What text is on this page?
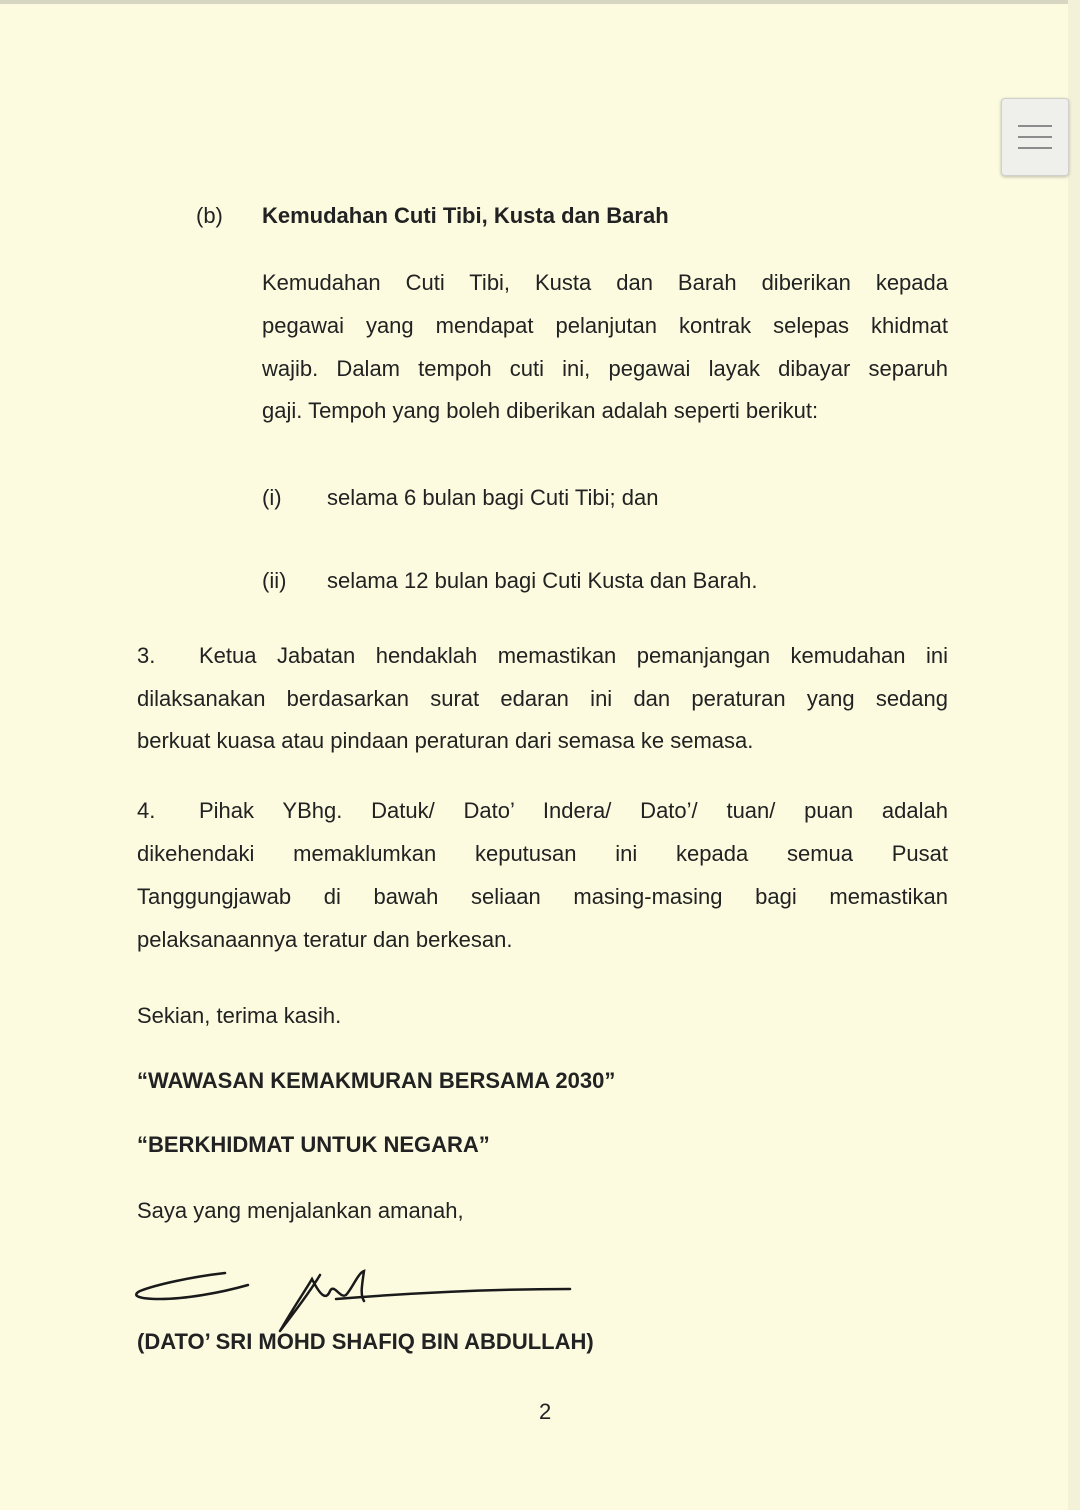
(b) Kemudahan Cuti Tibi, Kusta dan Barah
Kemudahan Cuti Tibi, Kusta dan Barah diberikan kepada
pegawai yang mendapat pelanjutan kontrak selepas khidmat
wajib. Dalam tempoh cuti ini, pegawai layak dibayar separuh
gaji. Tempoh yang boleh diberikan adalah seperti berikut:
(i) selama 6 bulan bagi Cuti Tibi; dan
(ii) selama 12 bulan bagi Cuti Kusta dan Barah.
3. Ketua Jabatan hendaklah memastikan pemanjangan kemudahan ini
dilaksanakan berdasarkan surat edaran ini dan peraturan yang sedang
berkuat kuasa atau pindaan peraturan dari semasa ke semasa.
4. Pihak YBhg. Datuk/ Dato’ Indera/ Dato’/ tuan/ puan adalah
dikehendaki memaklumkan keputusan ini kepada semua Pusat
Tanggungjawab di bawah seliaan masing-masing bagi memastikan
pelaksanaannya teratur dan berkesan.
Sekian, terima kasih.
“WAWASAN KEMAKMURAN BERSAMA 2030”
“BERKHIDMAT UNTUK NEGARA”
Saya yang menjalankan amanah,
(DATO’ SRI MOHD SHAFIQ BIN ABDULLAH)
2
